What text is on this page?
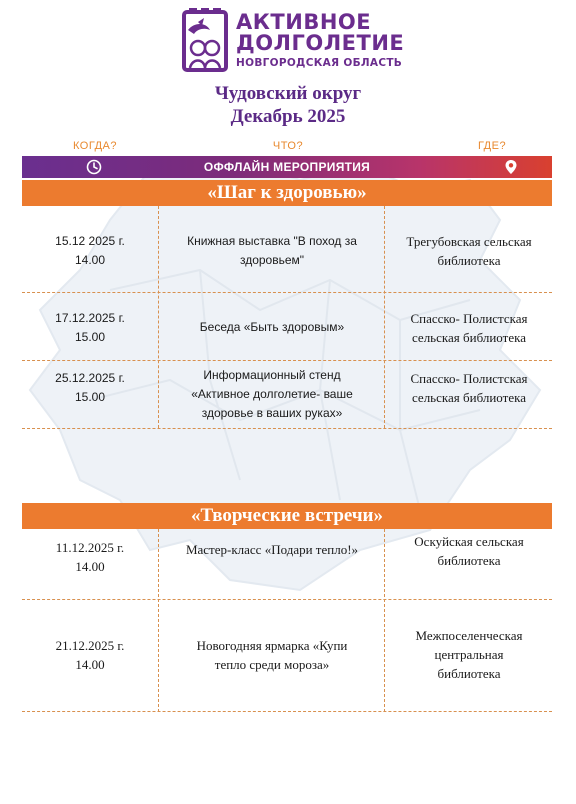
АКТИВНОЕ
ДОЛГОЛЕТИЕ
НОВГОРОДСКАЯ ОБЛАСТЬ
Чудовский округ
Декабрь 2025
КОГДА?	ЧТО?	ГДЕ?
ОФФЛАЙН МЕРОПРИЯТИЯ
«Шаг к здоровью»
15.12 2025 г.
14.00
Книжная выставка "В поход за
здоровьем"
Трегубовская сельская
библиотека
17.12.2025 г.
15.00
Беседа «Быть здоровым»
Спасско- Полистская
сельская библиотека
25.12.2025 г.
15.00
Информационный стенд
«Активное долголетие- ваше
здоровье в ваших руках»
Спасско- Полистская
сельская библиотека
«Творческие встречи»
11.12.2025 г.
14.00
Мастер-класс «Подари тепло!»
Оскуйская сельская
библиотека
21.12.2025 г.
14.00
Новогодняя ярмарка «Купи
тепло среди мороза»
Межпоселенческая
центральная
библиотека
